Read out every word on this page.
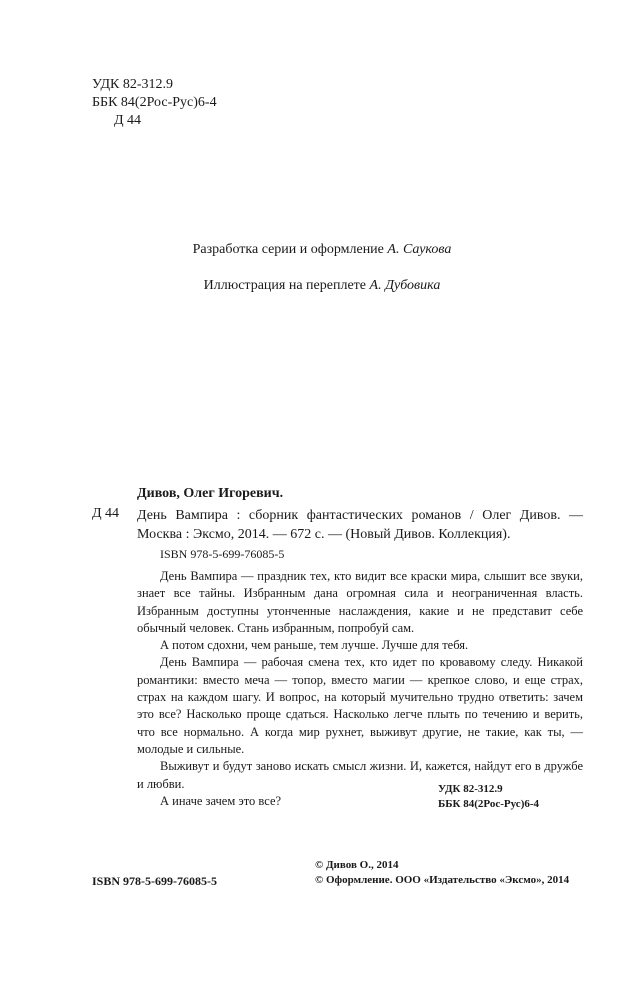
УДК 82-312.9
ББК 84(2Рос-Рус)6-4
Д 44
Разработка серии и оформление А. Саукова
Иллюстрация на переплете А. Дубовика
Дивов, Олег Игоревич.
Д 44 День Вампира : сборник фантастических романов / Олег Дивов. — Москва : Эксмо, 2014. — 672 с. — (Новый Дивов. Коллекция).
ISBN 978-5-699-76085-5

День Вампира — праздник тех, кто видит все краски мира, слышит все звуки, знает все тайны. Избранным дана огромная сила и неограниченная власть. Избранным доступны утонченные наслаждения, какие и не представит себе обычный человек. Стань избранным, попробуй сам.

А потом сдохни, чем раньше, тем лучше. Лучше для тебя.

День Вампира — рабочая смена тех, кто идет по кровавому следу. Никакой романтики: вместо меча — топор, вместо магии — крепкое слово, и еще страх, страх на каждом шагу. И вопрос, на который мучительно трудно ответить: зачем это все? Насколько проще сдаться. Насколько легче плыть по течению и верить, что все нормально. А когда мир рухнет, выживут другие, не такие, как ты, — молодые и сильные.

Выживут и будут заново искать смысл жизни. И, кажется, найдут его в дружбе и любви.

А иначе зачем это все?

УДК 82-312.9
ББК 84(2Рос-Рус)6-4
ISBN 978-5-699-76085-5
© Дивов О., 2014
© Оформление. ООО «Издательство «Эксмо», 2014
